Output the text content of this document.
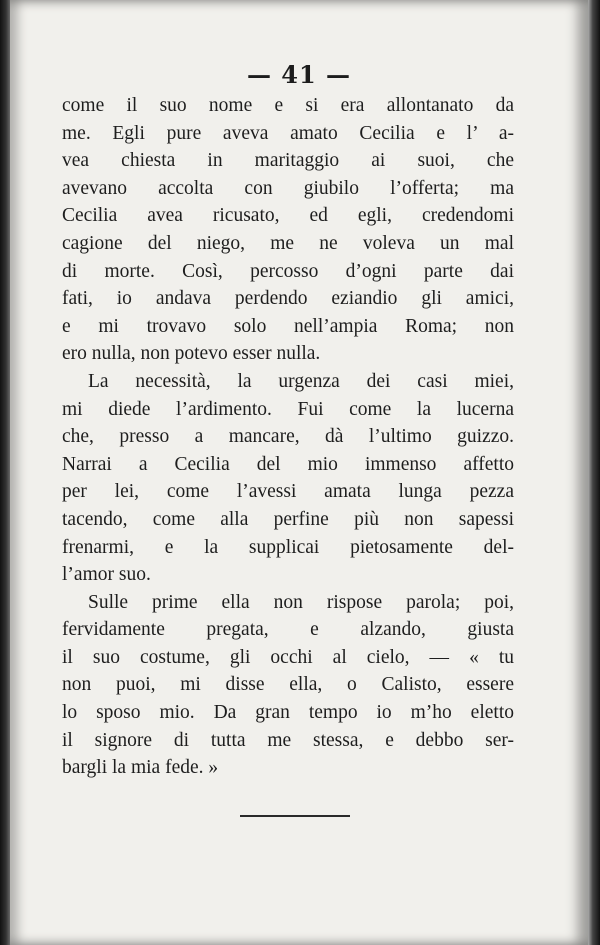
— 41 —
come il suo nome e si era allontanato da
me. Egli pure aveva amato Cecilia e l’ a-
vea chiesta in maritaggio ai suoi, che
avevano accolta con giubilo l’offerta; ma
Cecilia avea ricusato, ed egli, credendomi
cagione del niego, me ne voleva un mal
di morte. Così, percosso d’ogni parte dai
fati, io andava perdendo eziandio gli amici,
e mi trovavo solo nell’ampia Roma; non
ero nulla, non potevo esser nulla.
La necessità, la urgenza dei casi miei,
mi diede l’ardimento. Fui come la lucerna
che, presso a mancare, dà l’ultimo guizzo.
Narrai a Cecilia del mio immenso affetto
per lei, come l’avessi amata lunga pezza
tacendo, come alla perfine più non sapessi
frenarmi, e la supplicai pietosamente del-
l’amor suo.
Sulle prime ella non rispose parola; poi,
fervidamente pregata, e alzando, giusta
il suo costume, gli occhi al cielo, — « tu
non puoi, mi disse ella, o Calisto, essere
lo sposo mio. Da gran tempo io m’ho eletto
il signore di tutta me stessa, e debbo ser-
bargli la mia fede. »
